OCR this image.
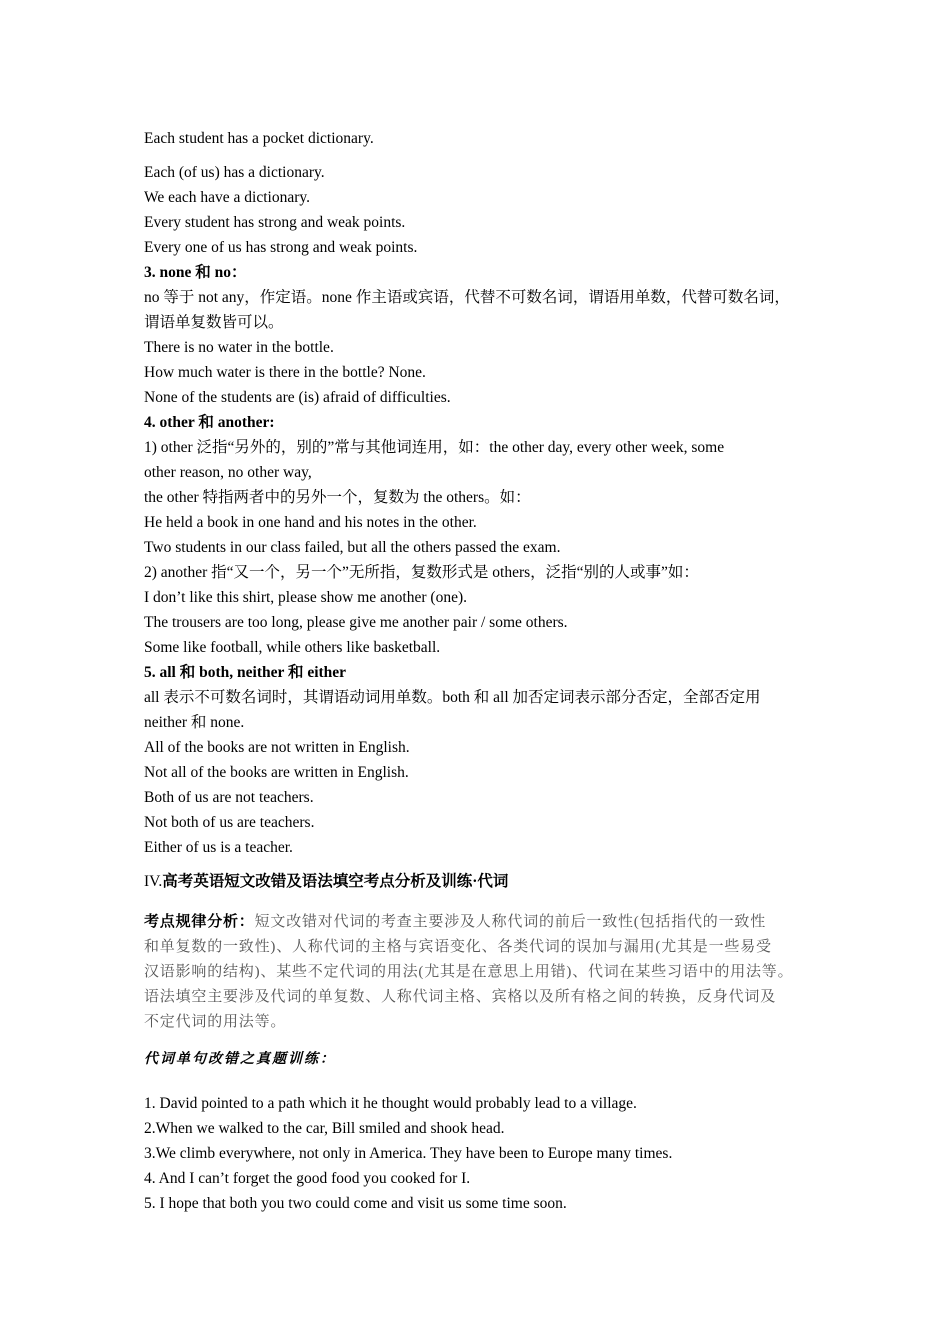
Each student has a pocket dictionary.
Each (of us) has a dictionary.
We each have a dictionary.
Every student has strong and weak points.
Every one of us has strong and weak points.
3. none 和 no：
no 等于 not any，作定语。none 作主语或宾语，代替不可数名词，谓语用单数，代替可数名词，
谓语单复数皆可以。
There is no water in the bottle.
How much water is there in the bottle? None.
None of the students are (is) afraid of difficulties.
4. other 和 another:
1) other 泛指“另外的，别的”常与其他词连用，如：the other day, every other week, some
other reason, no other way,
the other 特指两者中的另外一个，复数为 the others。如：
He held a book in one hand and his notes in the other.
Two students in our class failed, but all the others passed the exam.
2) another 指“又一个，另一个”无所指，复数形式是 others，泛指“别的人或事”如：
I don’t like this shirt, please show me another (one).
The trousers are too long, please give me another pair / some others.
Some like football, while others like basketball.
5. all 和 both, neither 和 either
all 表示不可数名词时，其谓语动词用单数。both 和 all 加否定词表示部分否定，全部否定用
neither 和 none.
All of the books are not written in English.
Not all of the books are written in English.
Both of us are not teachers.
Not both of us are teachers.
Either of us is a teacher.
IV.高考英语短文改错及语法填空考点分析及训练·代词
考点规律分析：短文改错对代词的考查主要涉及人称代词的前后一致性(包括指代的一致性
和单复数的一致性)、人称代词的主格与宾语变化、各类代词的误加与漏用(尤其是一些易受
汉语影响的结构)、某些不定代词的用法(尤其是在意思上用错)、代词在某些习语中的用法等。
语法填空主要涉及代词的单复数、人称代词主格、宾格以及所有格之间的转换，反身代词及
不定代词的用法等。
代词单句改错之真题训练：
1. David pointed to a path which it he thought would probably lead to a village.
2.When we walked to the car, Bill smiled and shook head.
3.We climb everywhere, not only in America. They have been to Europe many times.
4. And I can’t forget the good food you cooked for I.
5. I hope that both you two could come and visit us some time soon.
